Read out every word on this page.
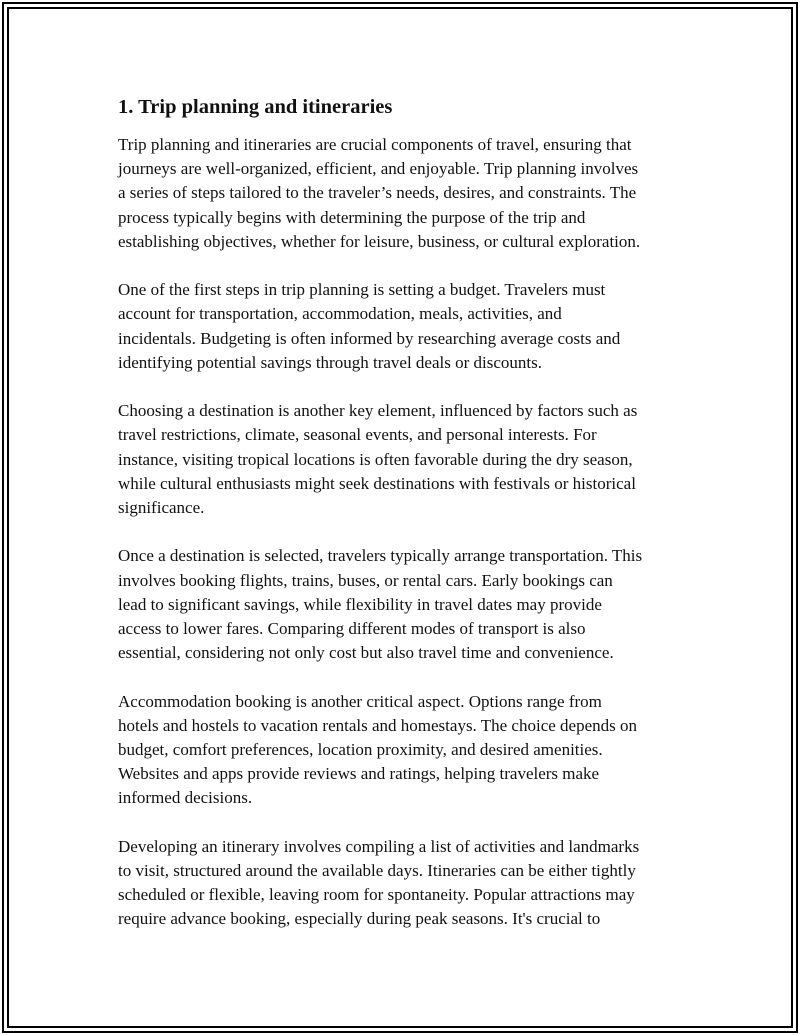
1. Trip planning and itineraries

Trip planning and itineraries are crucial components of travel, ensuring that
journeys are well-organized, efficient, and enjoyable. Trip planning involves
a series of steps tailored to the traveler’s needs, desires, and constraints. The
process typically begins with determining the purpose of the trip and
establishing objectives, whether for leisure, business, or cultural exploration.

One of the first steps in trip planning is setting a budget. Travelers must
account for transportation, accommodation, meals, activities, and
incidentals. Budgeting is often informed by researching average costs and
identifying potential savings through travel deals or discounts.

Choosing a destination is another key element, influenced by factors such as
travel restrictions, climate, seasonal events, and personal interests. For
instance, visiting tropical locations is often favorable during the dry season,
while cultural enthusiasts might seek destinations with festivals or historical
significance.

Once a destination is selected, travelers typically arrange transportation. This
involves booking flights, trains, buses, or rental cars. Early bookings can
lead to significant savings, while flexibility in travel dates may provide
access to lower fares. Comparing different modes of transport is also
essential, considering not only cost but also travel time and convenience.

Accommodation booking is another critical aspect. Options range from
hotels and hostels to vacation rentals and homestays. The choice depends on
budget, comfort preferences, location proximity, and desired amenities.
Websites and apps provide reviews and ratings, helping travelers make
informed decisions.

Developing an itinerary involves compiling a list of activities and landmarks
to visit, structured around the available days. Itineraries can be either tightly
scheduled or flexible, leaving room for spontaneity. Popular attractions may
require advance booking, especially during peak seasons. It's crucial to
